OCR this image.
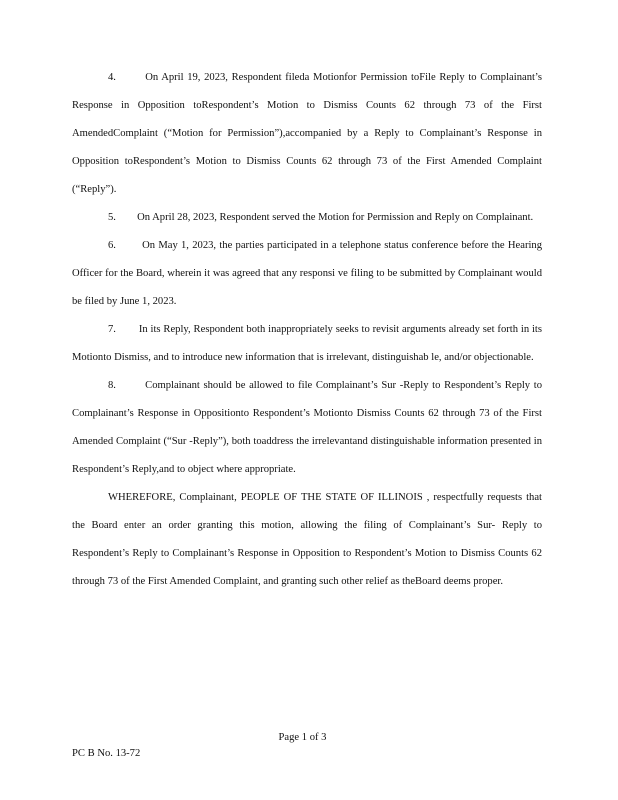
4.	On April 19, 2023, Respondent fileda Motionfor Permission toFile Reply to Complainant’s Response in Opposition toRespondent’s Motion to Dismiss Counts 62 through 73 of the First AmendedComplaint (“Motion for Permission”),accompanied by a Reply to Complainant’s Response in Opposition toRespondent’s Motion to Dismiss Counts 62 through 73 of the First Amended Complaint (“Reply”).

5. On April 28, 2023, Respondent served the Motion for Permission and Reply on Complainant.

6. On May 1, 2023, the parties participated in a telephone status conference before the Hearing Officer for the Board, wherein it was agreed that any responsi ve filing to be submitted by Complainant would be filed by June 1, 2023.

7. In its Reply, Respondent both inappropriately seeks to revisit arguments already set forth in its Motionto Dismiss, and to introduce new information that is irrelevant, distinguishab le, and/or objectionable.

8.	Complainant should be allowed to file Complainant’s Sur -Reply to Respondent’s Reply to Complainant’s Response in Oppositionto Respondent’s Motionto Dismiss Counts 62 through 73 of the First Amended Complaint (“Sur -Reply”), both toaddress the irrelevantand distinguishable information presented in Respondent’s Reply,and to object where appropriate.

WHEREFORE, Complainant, PEOPLE OF THE STATE OF ILLINOIS , respectfully requests that the Board enter an order granting this motion, allowing the filing of Complainant’s Sur- Reply to Respondent’s Reply to Complainant’s Response in Opposition to Respondent’s Motion to Dismiss Counts 62 through 73 of the First Amended Complaint, and granting such other relief as theBoard deems proper.

Page 1 of 3
PC B No. 13-72
